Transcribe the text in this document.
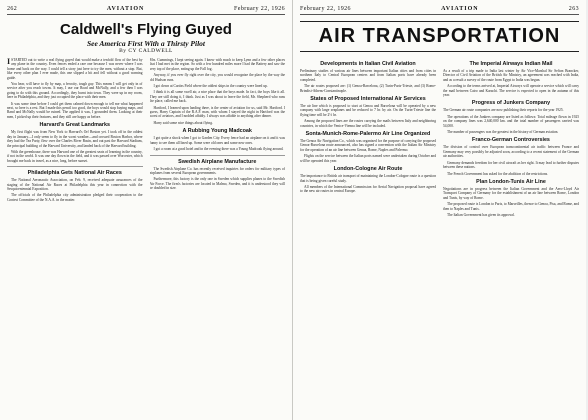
262	AVIATION	February 22, 1926
Caldwell's Flying Guyed
See America First With a Thirsty Pilot
By CY CALDWELL

ISTARTED out to write a real flying guyed that would make a tenfold flow of the best by any plane in the country. Even fences ended a rare one because I was never where I was home and back on the way. I could tell a story just here to try the men, without a stop. But, like every other plan I ever made, this one slipped a bit and fell without a good warning guide.

You hear, will have to fly by map, a ferocity, tough guy. This means I will get only in of service after you reach towns. It may, I use our Road and McNally, and a few then I was going to do with this ground. Accordingly, they burnt into town. They were up in my room, here in Philadelphia, and they just occupied the place with their men.

It was some time before I could get them calmed down enough to tell me what happened next, so here is a rest. But I made this pencil too good, the boys would stop buying maps, and Rand and McNally would be ruined. The applied it was, I grounded them. Looking at their men, I picked up their features, and they still are happy as before.

Harvard's Great Landmarks

My first flight was from New York to Harvard's Orf Boston yet. I took off in the oddest day in January—I only seem to fly in the worst weather—and crossed Boston Harbor, where they had the Tea Party, flew over the Charles River Basin, and out past the Harvard Stadium, the principal building of the Harvard University, and landed back of the Harvard building.

With the greenhouse, there was Harvard one of the greatest seats of learning in the country, if not in the world. It was one day flown in the field, and it was passed over Worcester, which brought me back in travel, as a nice, long, before sunset.

Philadelphia Gets National Air Races

The National Aeronautic Association, on Feb. 9, received adequate assurances of the staging of the National Air Races at Philadelphia this year in connection with the Sesquicentennial Exposition.

The officials of the Philadelphia city administration pledged their cooperation to the Contest Committee of the N.A.A. in the matter.

Mrs. Cummings, I kept seeing again. I knew with much to keep Lynn and a few other places that I had met in the region. So with a few hundred miles more I had the Battery and saw the very top of the place, eating up the Fall fog.

Anyway, if you ever fly right over the city, you would recognize the place by the way the old Hudson runs.

I got down at Curtiss Field where the oddest ships in the country were lined up.

I think it is all some swell air, a nice place that the boys made. In fact, the boys like it all. They are still doing it, I think. Just as I was about to leave the field, Mr. Shepherd who runs the place, called me back.

Hartford, I learned upon landing there, is the center of aviation for us, said Mr. Hartford. I guess, Harry Captain of the R.A.F. man, with whom I stayed the night in Hartford was the worst of aviators, and I nodded affably. I always was affable to anything after dinner.

Harry said some nice things about flying.

A Rubbing Young Madcoak

I got quite a shock when I got to Garden City. Every fence had an airplane on it and it was funny to see them all lined up. Some were old ones and some new ones.

I got a room at a good hotel and in the evening there was a Young Madcoak flying around.

Swedish Airplane Manufacture

The Swedish Airplane Co. has recently received inquiries for orders for military types of airplanes from several European governments.

Furthermore, this factory is the only one in Sweden which supplies planes to the Swedish Air Force. The firm's factories are located in Malmo, Sweden, and it is understood they will be doubled in size.

February 22, 1926	AVIATION	263
AIR TRANSPORTATION
Developments in Italian Civil Aviation

Preliminary studies of various air lines between important Italian cities and from cities in northern Italy to Central European centers and from Italian ports have already been completed.

The air routes proposed are: (1) Genoa-Barcelona, (2) Turin-Paris-Trieste, and (3) Rome-Brindisi-Athens-Constantinople.

States of Proposed International Air Services

The air line which is proposed to start at Genoa and Barcelona will be operated by a new company with large seaplanes and be reduced to 7 hr. by air. On the Turin-Trieste line the flying time will be 2½ hr.

Among the proposed lines are the routes carrying the mails between Italy and neighboring countries, in which the Venice-Vienna line will be included.

Sonta-Munich-Rome-Palermo Air Line Organized

The Genoa Air Navigation Co., which was organized for the purpose of carrying the proposed Genoa-Barcelona route announced, also has signed a convention with the Italian Air Ministry for the operation of an air line between Genoa, Rome, Naples and Palermo.

Flights on the service between the Italian ports named were undertaken during October and will be operated this year.

London-Cologne Air Route

The importance to British air transport of maintaining the London-Cologne route is a question that is being given careful study.

All members of the International Commission for Aerial Navigation proposal have agreed to the new air routes in central Europe.

The Imperial Airways Indian Mail

As a result of a trip made to India last winter by Air Vice-Marshal Sir Sefton Brancker, Director of Civil Aviation of the British Air Ministry, an agreement was reached with India, and as a result a survey of the route from Egypt to India was begun.

According to the terms arrived at, Imperial Airways will operate a service which will carry the mail between Cairo and Karachi. The service is expected to open in the autumn of this year.

Progress of Junkers Company

The German air route companies are now publishing their reports for the year 1925.

The operations of the Junkers company are listed as follows: Total mileage flown in 1925 on the company lines was 2,640,000 km. and the total number of passengers carried was 54,000.

The number of passengers was the greatest in the history of German aviation.

Franco-German Controversies

The division of control over European transcontinental air traffic between France and Germany may very possibly be adjusted soon, according to a recent statement of the German air authorities.

Germany demands freedom for her civil aircraft as her right. It may lead to further disputes between these nations.

The French Government has asked for the abolition of the restrictions.

Plan London-Tunis Air Line

Negotiations are in progress between the Italian Government and the Aero-Lloyd Air Transport Company of Germany for the establishment of an air line between Rome, London and Tunis, by way of Rome.

The proposed route is London to Paris, to Marseilles, thence to Genoa, Pisa, and Rome, and then to Naples and Tunis.

The Italian Government has given its approval.
